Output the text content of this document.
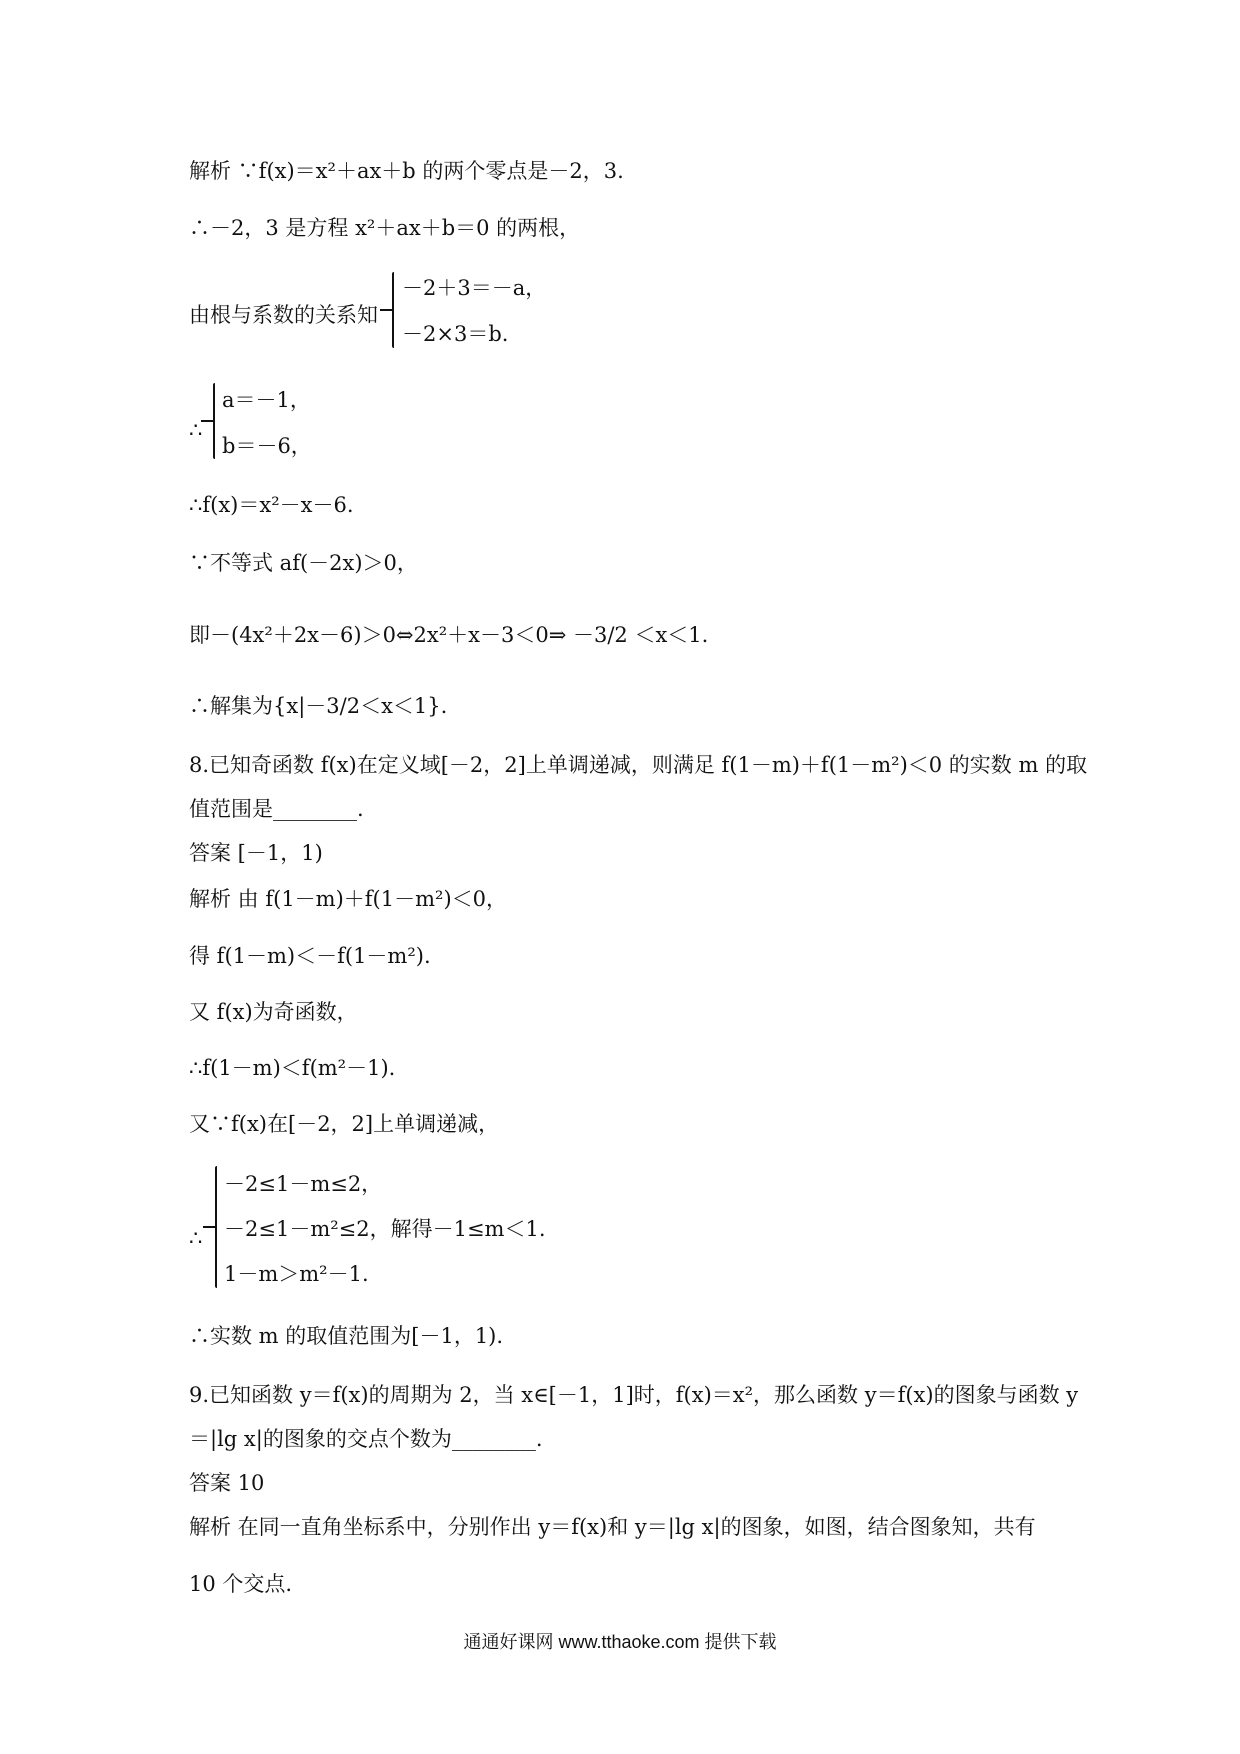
解析 ∵f(x)＝x²＋ax＋b 的两个零点是－2，3.
∴－2，3 是方程 x²＋ax＋b＝0 的两根，
由根与系数的关系知
－2＋3＝－a，
－2×3＝b.
∴
a＝－1，
b＝－6，
∴f(x)＝x²－x－6.
∵不等式 af(－2x)＞0，
即－(4x²＋2x－6)＞0⇔2x²＋x－3＜0⇒ －3/2 ＜x＜1.
∴解集为{x|－3/2＜x＜1}.
8.已知奇函数 f(x)在定义域[－2，2]上单调递减，则满足 f(1－m)＋f(1－m²)＜0 的实数 m 的取
值范围是________.
答案 [－1，1)
解析 由 f(1－m)＋f(1－m²)＜0，
得 f(1－m)＜－f(1－m²).
又 f(x)为奇函数，
∴f(1－m)＜f(m²－1).
又∵f(x)在[－2，2]上单调递减，
∴
－2≤1－m≤2，
－2≤1－m²≤2，解得－1≤m＜1.
1－m＞m²－1.
∴实数 m 的取值范围为[－1，1).
9.已知函数 y＝f(x)的周期为 2，当 x∈[－1，1]时，f(x)＝x²，那么函数 y＝f(x)的图象与函数 y
＝|lg x|的图象的交点个数为________.
答案 10
解析 在同一直角坐标系中，分别作出 y＝f(x)和 y＝|lg x|的图象，如图，结合图象知，共有
10 个交点.
通通好课网 www.tthaoke.com 提供下载
